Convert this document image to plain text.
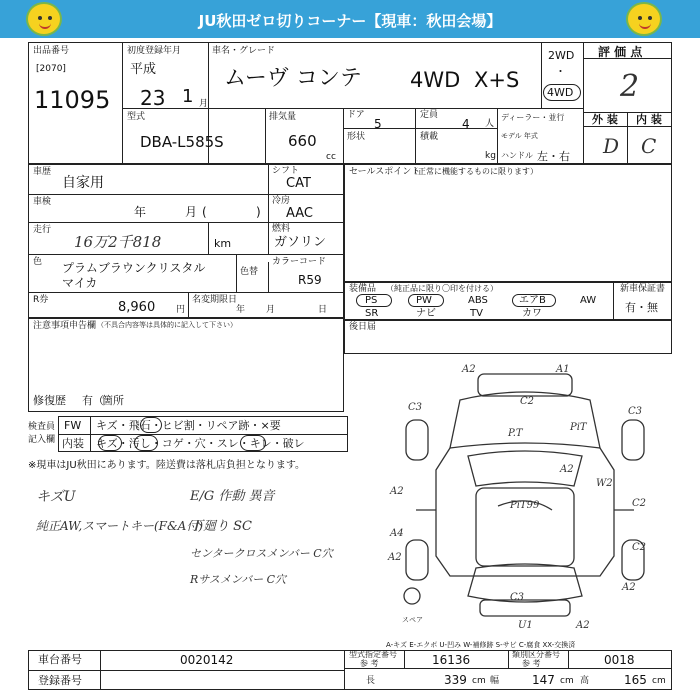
JU秋田ゼロ切りコーナー【現車：秋田会場】
出品番号
[2070]
11095
初度登録年月
平成
23 1 月
車名・グレード
ムーヴ コンテ 4WD X+S
2WD
・
4WD
評 価 点
2
外 装 内 装
D C
型式
DBA-L585S
排気量
660
cc
ドア
5
定員
4 人
形状	積載
kg
ディーラー・並行
モデル 年式
ハンドル 左・右
車歴
自家用
車検
年	月 (	)
走行
16万2千818	km
シフト
CAT
冷房
AAC
燃料
ガソリン
色 プラムブラウンクリスタル
マイカ
色替
カラーコード
R59
R券	8,960 円
名変期限日
年 月	日
セールスポイント
（正常に機能するものに限ります）
装備品 （純正品に限り〇印を付ける）
PS	PW	ABS	エアB	AW
SR	ナビ	TV	カワ
新車保証書
有・無
注意事項申告欄 （不具合内容等は具体的に記入して下さい）
修復歴 有（
箇所
後日届
検査員
記入欄
FW キズ・飛石・ヒビ割・リペア跡・×要
内装 キズ・汚し・コゲ・穴・スレ・キレ・破レ
※現車はJU秋田にあります。陸送費は落札店負担となります。
キズU
純正AW,スマートキー(F&A付)
E/G 作動 異音
下廻り SC
センタークロスメンバー C穴
Rサスメンバー C穴
A2	A1
C3
C2
P.T
PiT
C3
W2
A2
A4
C2
A2
PiT99
C2
A2
C3
A2
U1	A2
スペア
A-キズ E-エクボ U-凹み W-補修跡 S-サビ C-腐食 XX-交換済
車台番号	0020142
登録番号
型式指定番号
参 考	16136	類別区分番号
参 考	0018
長	339 cm 幅	147 cm 高	165 cm
